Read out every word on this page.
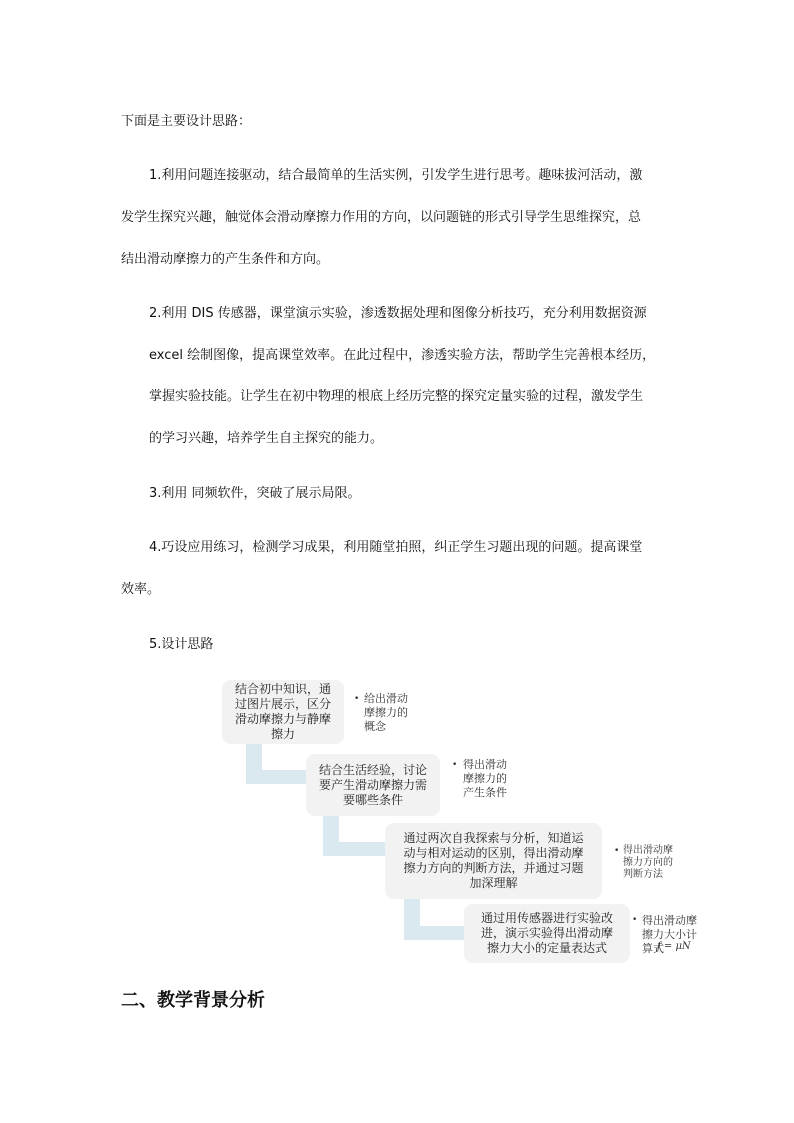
下面是主要设计思路：
1.利用问题连接驱动，结合最简单的生活实例，引发学生进行思考。趣味拔河活动，激
发学生探究兴趣，触觉体会滑动摩擦力作用的方向，以问题链的形式引导学生思维探究，总
结出滑动摩擦力的产生条件和方向。
2.利用 DIS 传感器，课堂演示实验，渗透数据处理和图像分析技巧，充分利用数据资源
excel 绘制图像，提高课堂效率。在此过程中，渗透实验方法，帮助学生完善根本经历，
掌握实验技能。让学生在初中物理的根底上经历完整的探究定量实验的过程，激发学生
的学习兴趣，培养学生自主探究的能力。
3.利用 同频软件，突破了展示局限。
4.巧设应用练习，检测学习成果，利用随堂拍照，纠正学生习题出现的问题。提高课堂
效率。
5.设计思路
结合初中知识，通
过图片展示，区分
滑动摩擦力与静摩
擦力
结合生活经验，讨论
要产生滑动摩擦力需
要哪些条件
通过两次自我探索与分析，知道运
动与相对运动的区别，得出滑动摩
擦力方向的判断方法，并通过习题
加深理解
通过用传感器进行实验改
进，演示实验得出滑动摩
擦力大小的定量表达式
• 给出滑动
摩擦力的
概念
• 得出滑动
摩擦力的
产生条件
• 得出滑动摩
擦力方向的
判断方法
• 得出滑动摩
擦力大小计
算式
f = μN
二、教学背景分析
